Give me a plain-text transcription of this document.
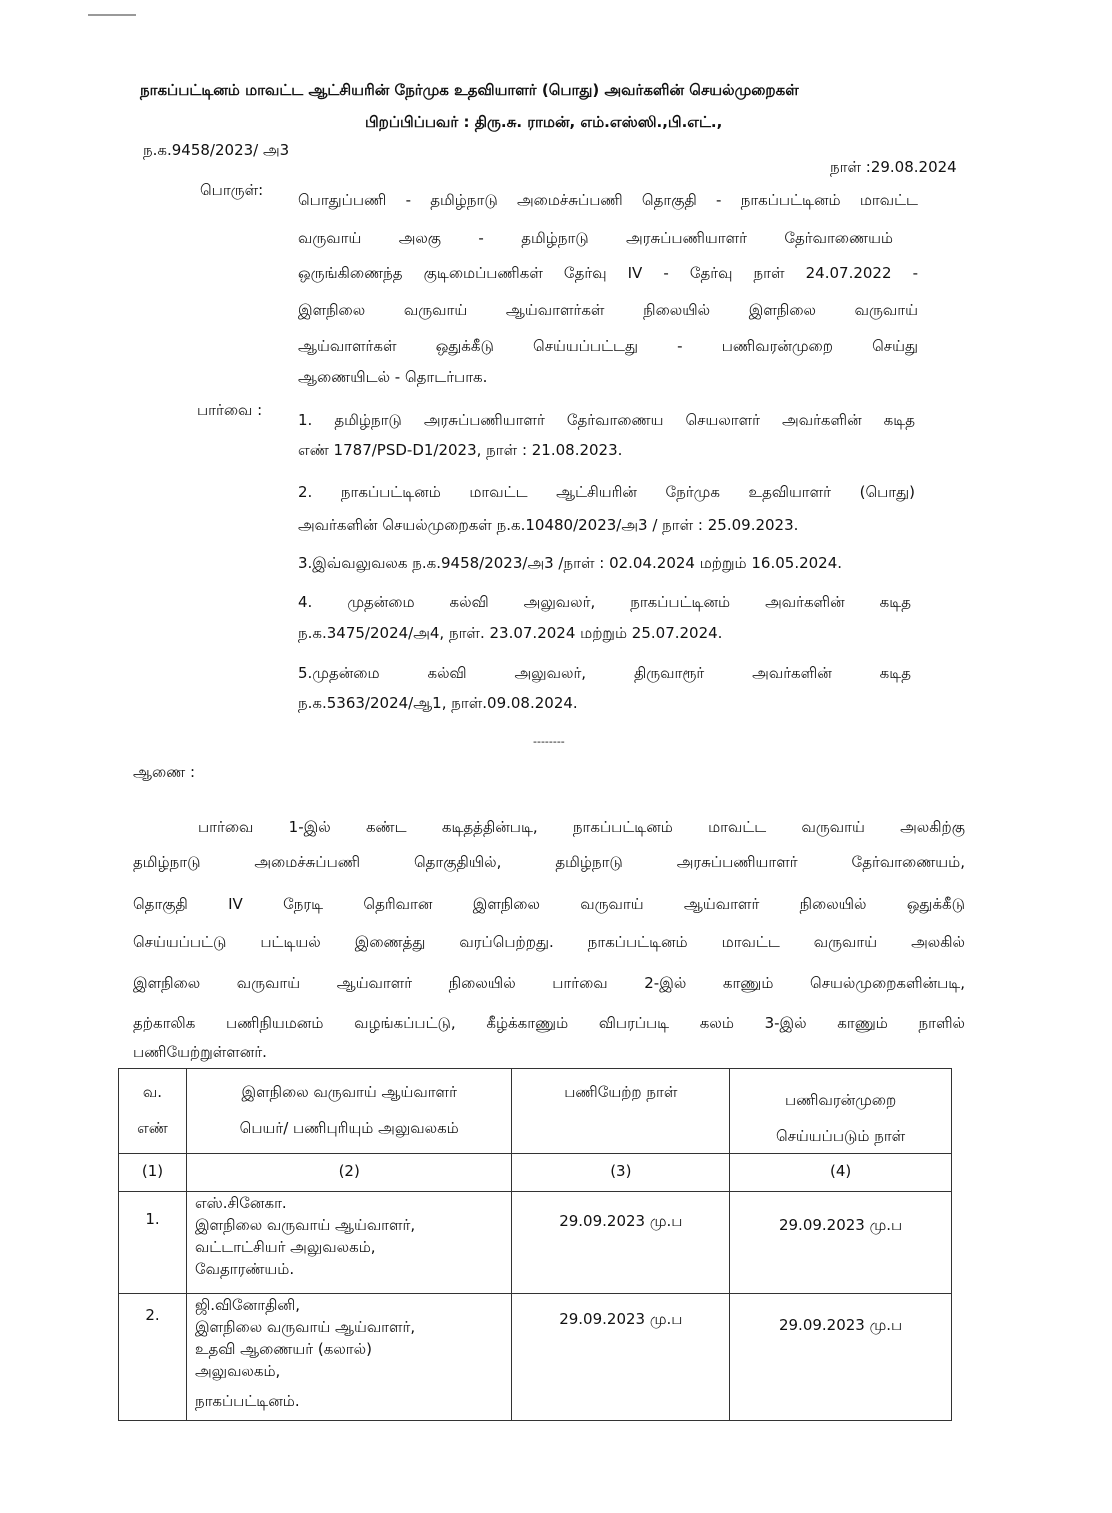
நாகப்பட்டினம் மாவட்ட ஆட்சியரின் நேர்முக உதவியாளர் (பொது) அவர்களின் செயல்முறைகள்
பிறப்பிப்பவர் : திரு.சு. ராமன், எம்.எஸ்ஸி.,பி.எட்.,
ந.க.9458/2023/ அ3
நாள் :29.08.2024
பொருள்:
பொதுப்பணி - தமிழ்நாடு அமைச்சுப்பணி தொகுதி - நாகப்பட்டினம் மாவட்ட
வருவாய் அலகு - தமிழ்நாடு அரசுப்பணியாளர் தேர்வாணையம்
ஒருங்கிணைந்த குடிமைப்பணிகள் தேர்வு IV - தேர்வு நாள் 24.07.2022 -
இளநிலை வருவாய் ஆய்வாளர்கள் நிலையில் இளநிலை வருவாய்
ஆய்வாளர்கள் ஒதுக்கீடு செய்யப்பட்டது - பணிவரன்முறை செய்து
ஆணையிடல் - தொடர்பாக.
பார்வை :
1. தமிழ்நாடு அரசுப்பணியாளர் தேர்வாணைய செயலாளர் அவர்களின் கடித
எண் 1787/PSD-D1/2023, நாள் : 21.08.2023.
2. நாகப்பட்டினம் மாவட்ட ஆட்சியரின் நேர்முக உதவியாளர் (பொது)
அவர்களின் செயல்முறைகள் ந.க.10480/2023/அ3 / நாள் : 25.09.2023.
3.இவ்வலுவலக ந.க.9458/2023/அ3 /நாள் : 02.04.2024 மற்றும் 16.05.2024.
4. முதன்மை கல்வி அலுவலர், நாகப்பட்டினம் அவர்களின் கடித
ந.க.3475/2024/அ4, நாள். 23.07.2024 மற்றும் 25.07.2024.
5.முதன்மை கல்வி அலுவலர், திருவாரூர் அவர்களின் கடித
ந.க.5363/2024/ஆ1, நாள்.09.08.2024.
--------
ஆணை :
பார்வை 1-இல் கண்ட கடிதத்தின்படி, நாகப்பட்டினம் மாவட்ட வருவாய் அலகிற்கு
தமிழ்நாடு அமைச்சுப்பணி தொகுதியில், தமிழ்நாடு அரசுப்பணியாளர் தேர்வாணையம்,
தொகுதி IV நேரடி தெரிவான இளநிலை வருவாய் ஆய்வாளர் நிலையில் ஒதுக்கீடு
செய்யப்பட்டு பட்டியல் இணைத்து வரப்பெற்றது. நாகப்பட்டினம் மாவட்ட வருவாய் அலகில்
இளநிலை வருவாய் ஆய்வாளர் நிலையில் பார்வை 2-இல் காணும் செயல்முறைகளின்படி,
தற்காலிக பணிநியமனம் வழங்கப்பட்டு, கீழ்க்காணும் விபரப்படி கலம் 3-இல் காணும் நாளில்
பணியேற்றுள்ளனர்.
வ.
எண்	இளநிலை வருவாய் ஆய்வாளர்
பெயர்/ பணிபுரியும் அலுவலகம்	பணியேற்ற நாள்	பணிவரன்முறை
செய்யப்படும் நாள்

(1)	(2)	(3)	(4)
1.	எஸ்.சினேகா.
இளநிலை வருவாய் ஆய்வாளர்,
வட்டாட்சியர் அலுவலகம்,
வேதாரண்யம்.	29.09.2023 மு.ப	29.09.2023 மு.ப
2.	ஜி.வினோதினி,
இளநிலை வருவாய் ஆய்வாளர்,
உதவி ஆணையர் (கலால்)
அலுவலகம்,
நாகப்பட்டினம்.	29.09.2023 மு.ப	29.09.2023 மு.ப
